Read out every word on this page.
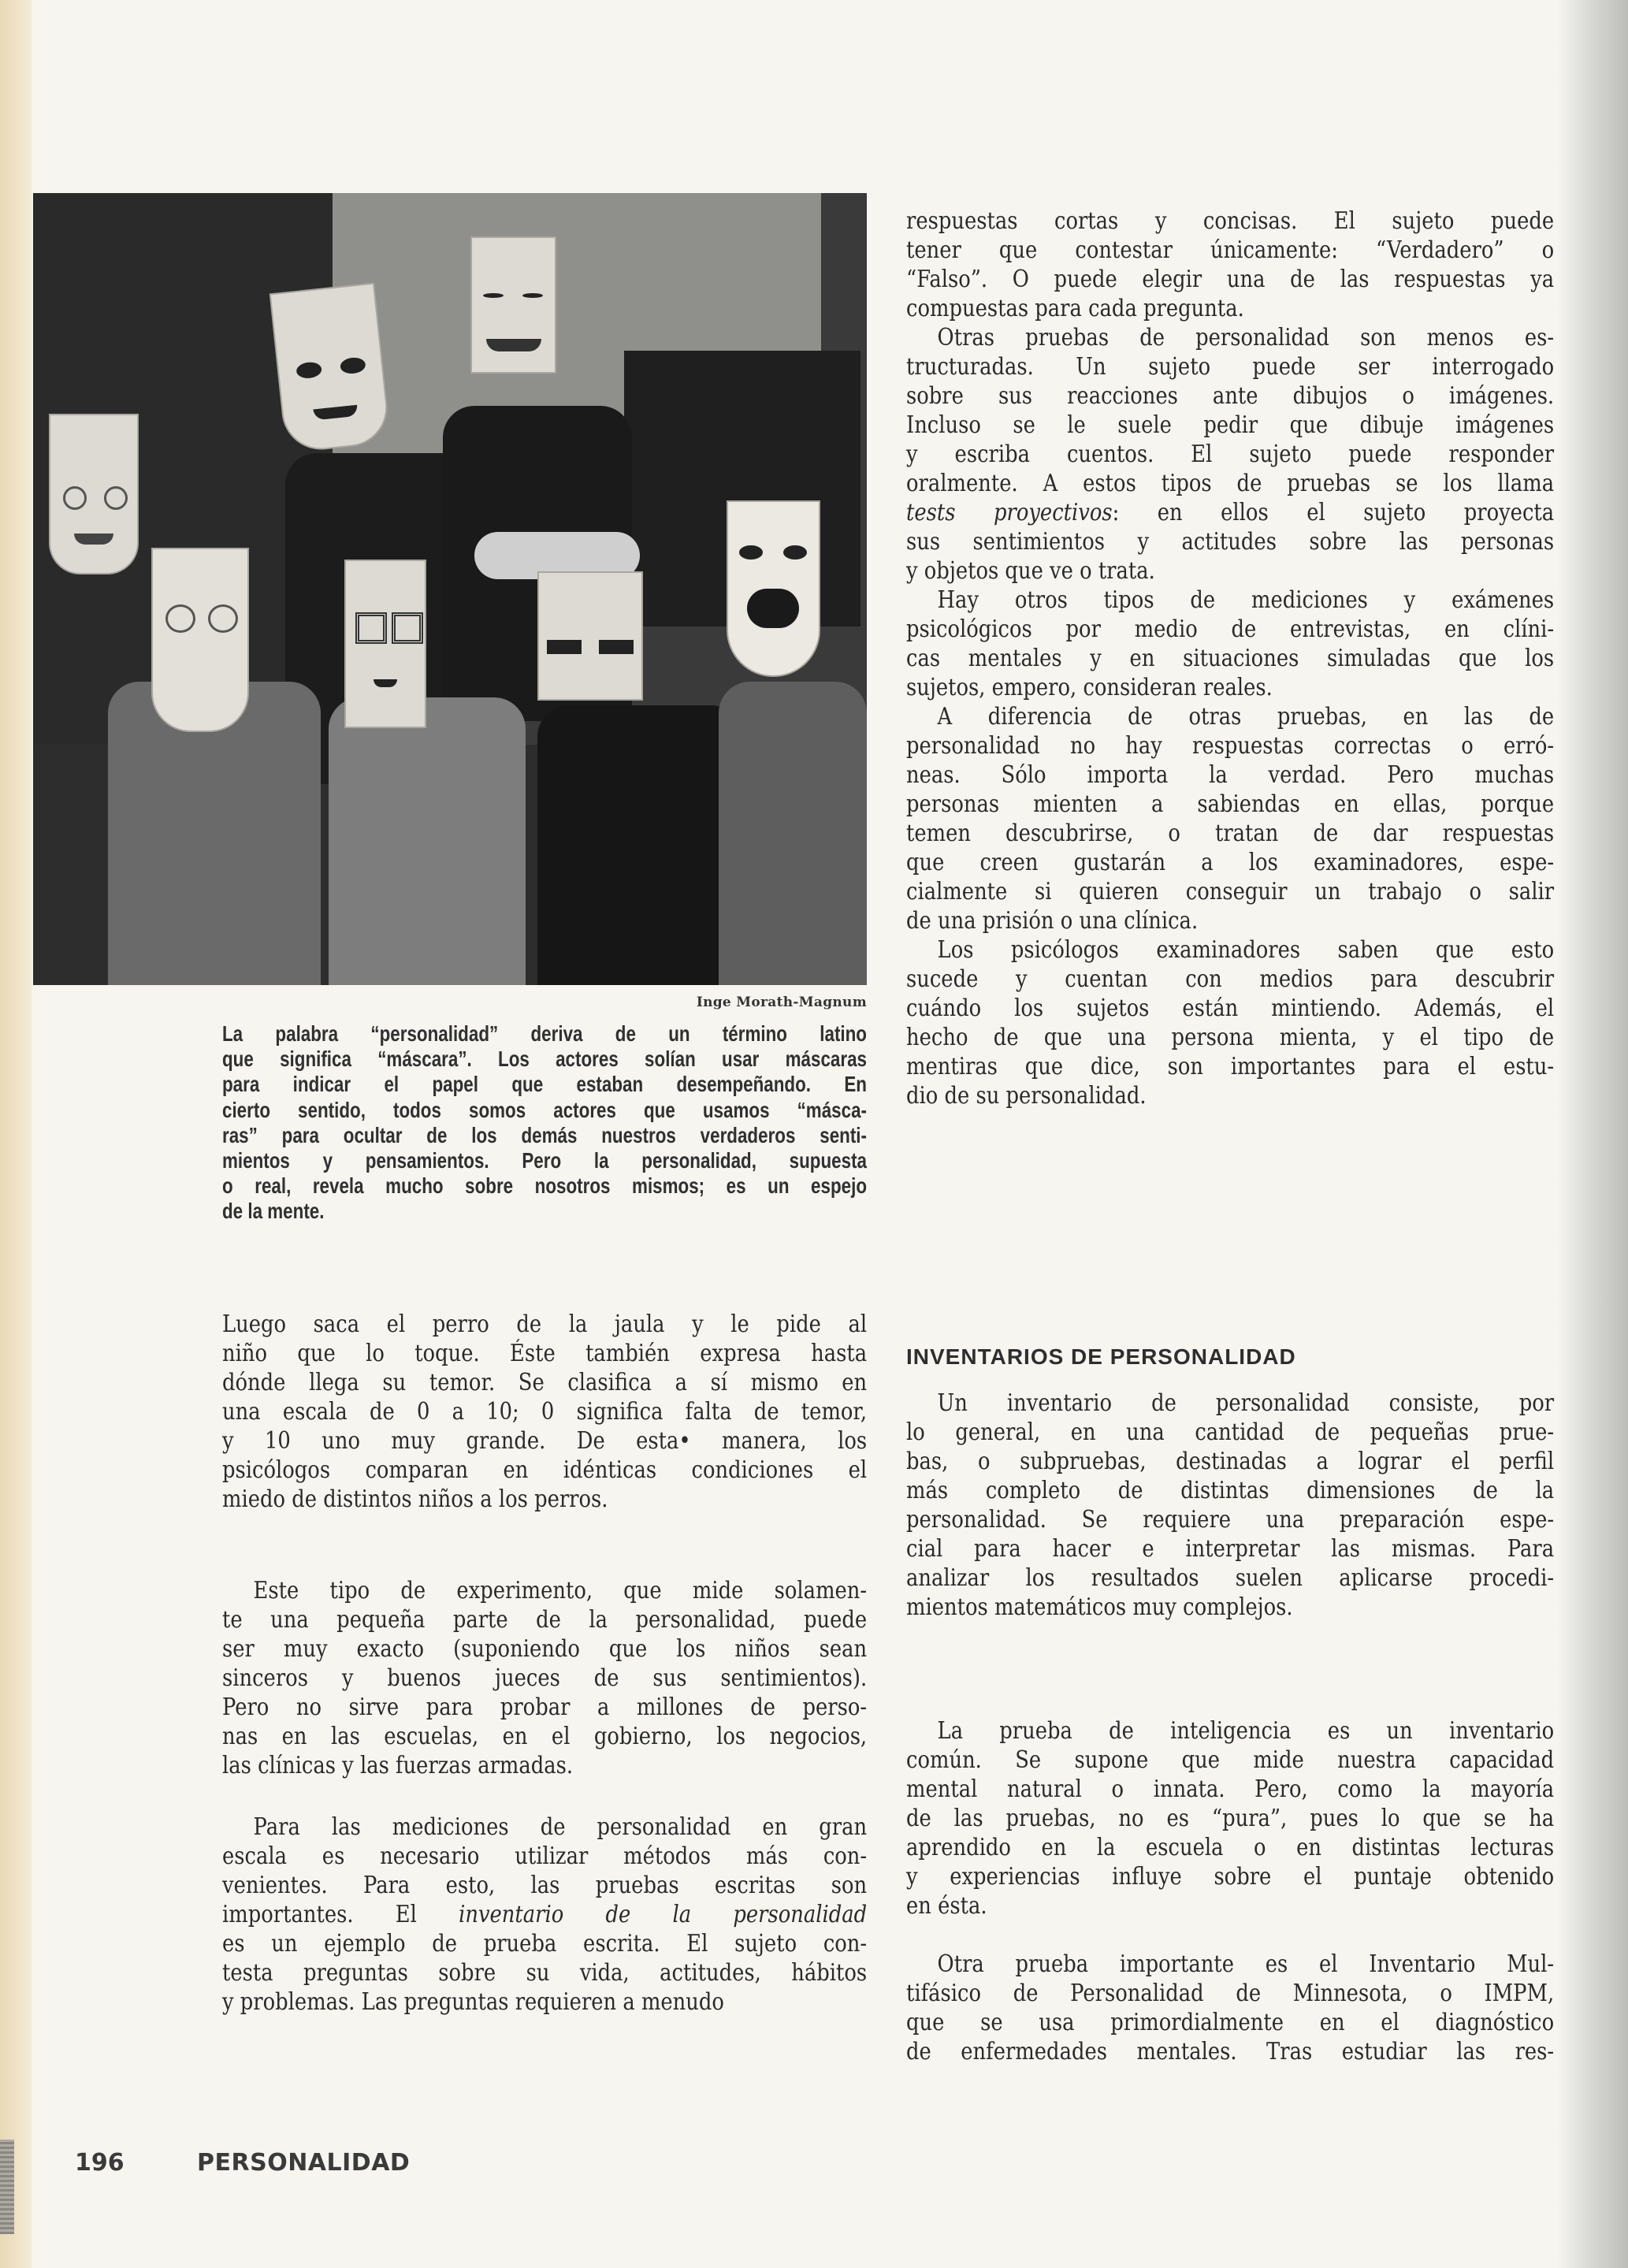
Inge Morath-Magnum
La palabra “personalidad” deriva de un término latino
que significa “máscara”. Los actores solían usar máscaras
para indicar el papel que estaban desempeñando. En
cierto sentido, todos somos actores que usamos “másca-
ras” para ocultar de los demás nuestros verdaderos senti-
mientos y pensamientos. Pero la personalidad, supuesta
o real, revela mucho sobre nosotros mismos; es un espejo
de la mente.
Luego saca el perro de la jaula y le pide al
niño que lo toque. Éste también expresa hasta
dónde llega su temor. Se clasifica a sí mismo en
una escala de 0 a 10; 0 significa falta de temor,
y 10 uno muy grande. De esta• manera, los
psicólogos comparan en idénticas condiciones el
miedo de distintos niños a los perros.
Este tipo de experimento, que mide solamen-
te una pequeña parte de la personalidad, puede
ser muy exacto (suponiendo que los niños sean
sinceros y buenos jueces de sus sentimientos).
Pero no sirve para probar a millones de perso-
nas en las escuelas, en el gobierno, los negocios,
las clínicas y las fuerzas armadas.
Para las mediciones de personalidad en gran
escala es necesario utilizar métodos más con-
venientes. Para esto, las pruebas escritas son
importantes. El inventario de la personalidad
es un ejemplo de prueba escrita. El sujeto con-
testa preguntas sobre su vida, actitudes, hábitos
y problemas. Las preguntas requieren a menudo
respuestas cortas y concisas. El sujeto puede
tener que contestar únicamente: “Verdadero” o
“Falso”. O puede elegir una de las respuestas ya
compuestas para cada pregunta.
Otras pruebas de personalidad son menos es-
tructuradas. Un sujeto puede ser interrogado
sobre sus reacciones ante dibujos o imágenes.
Incluso se le suele pedir que dibuje imágenes
y escriba cuentos. El sujeto puede responder
oralmente. A estos tipos de pruebas se los llama
tests proyectivos: en ellos el sujeto proyecta
sus sentimientos y actitudes sobre las personas
y objetos que ve o trata.
Hay otros tipos de mediciones y exámenes
psicológicos por medio de entrevistas, en clíni-
cas mentales y en situaciones simuladas que los
sujetos, empero, consideran reales.
A diferencia de otras pruebas, en las de
personalidad no hay respuestas correctas o erró-
neas. Sólo importa la verdad. Pero muchas
personas mienten a sabiendas en ellas, porque
temen descubrirse, o tratan de dar respuestas
que creen gustarán a los examinadores, espe-
cialmente si quieren conseguir un trabajo o salir
de una prisión o una clínica.
Los psicólogos examinadores saben que esto
sucede y cuentan con medios para descubrir
cuándo los sujetos están mintiendo. Además, el
hecho de que una persona mienta, y el tipo de
mentiras que dice, son importantes para el estu-
dio de su personalidad.
INVENTARIOS DE PERSONALIDAD
Un inventario de personalidad consiste, por
lo general, en una cantidad de pequeñas prue-
bas, o subpruebas, destinadas a lograr el perfil
más completo de distintas dimensiones de la
personalidad. Se requiere una preparación espe-
cial para hacer e interpretar las mismas. Para
analizar los resultados suelen aplicarse procedi-
mientos matemáticos muy complejos.
La prueba de inteligencia es un inventario
común. Se supone que mide nuestra capacidad
mental natural o innata. Pero, como la mayoría
de las pruebas, no es “pura”, pues lo que se ha
aprendido en la escuela o en distintas lecturas
y experiencias influye sobre el puntaje obtenido
en ésta.
Otra prueba importante es el Inventario Mul-
tifásico de Personalidad de Minnesota, o IMPM,
que se usa primordialmente en el diagnóstico
de enfermedades mentales. Tras estudiar las res-
196	PERSONALIDAD
